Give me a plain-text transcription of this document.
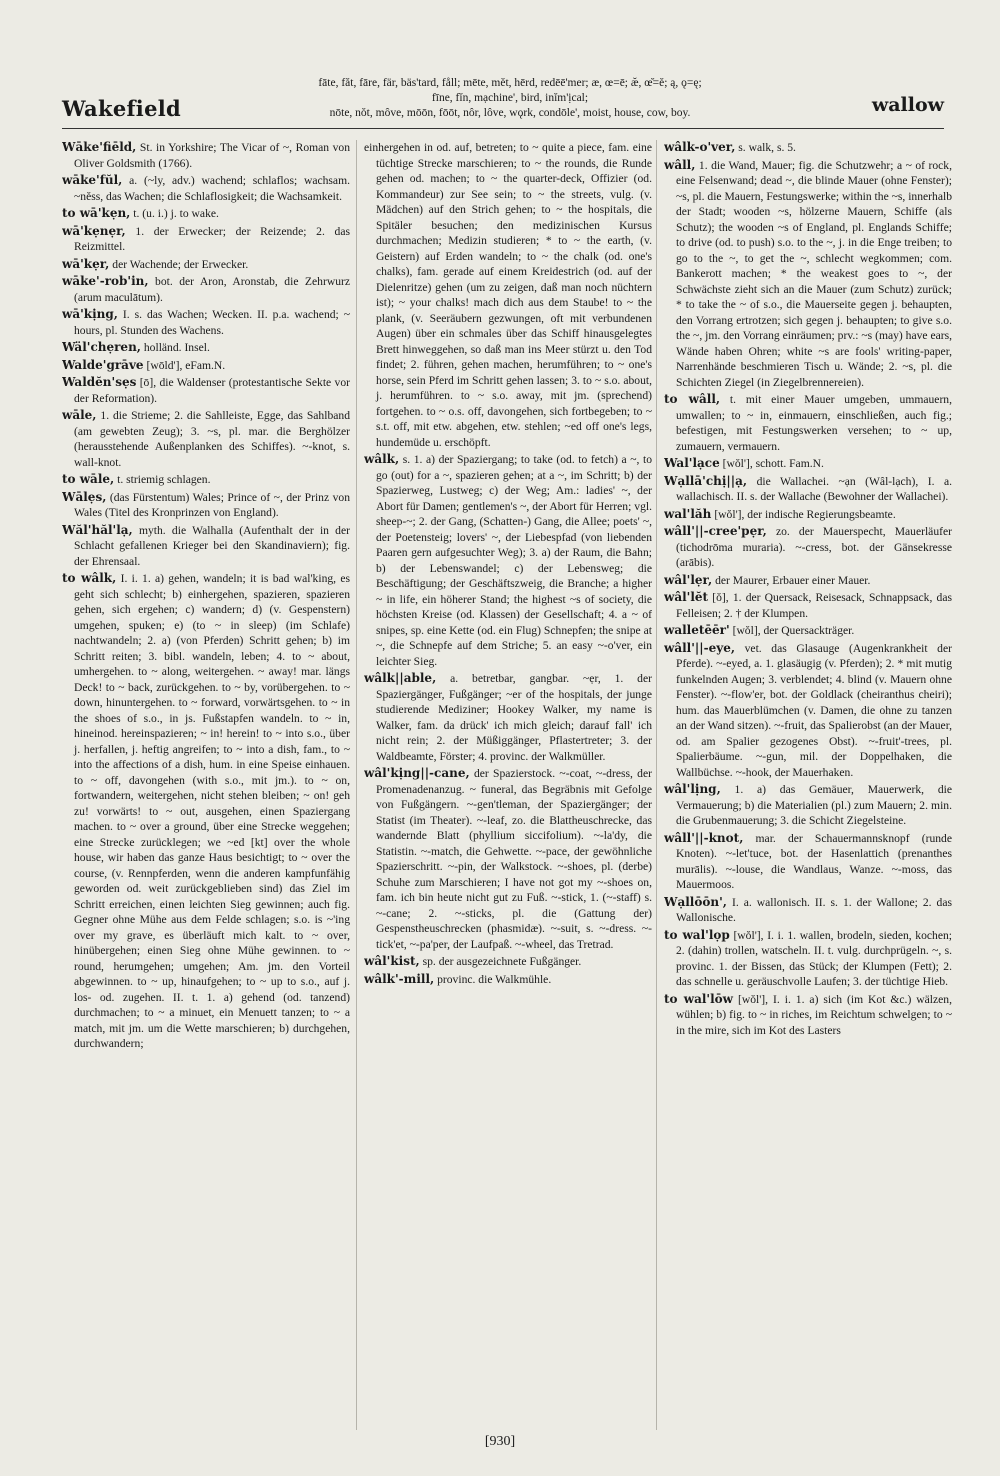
Wakefield
fāte, făt, fāre, fär, bäs'tard, fåll; mēte, mĕt, hērd, redēē'mer; æ, œ=ē; æ̆, œ̆=ĕ; ą, ǫ=ę;
fīne, fĭn, mạchine', bird, inĭm'ịcal;
nōte, nŏt, môve, mōōn, fōōt, nôr, lôve, wǫrk, condōle', moist, house, cow, boy.	wallow
Wāke'fiēld, St. in Yorkshire; The Vicar of ~, Roman von Oliver Goldsmith (1766).
wāke'fŭl, a. (~ly, adv.) wachend; schlaflos; wachsam. ~nĕss, das Wachen; die Schlaflosigkeit; die Wachsamkeit.
to wā'kẹn, t. (u. i.) j. to wake.
wā'kẹnẹr, 1. der Erwecker; der Reizende; 2. das Reizmittel.
wā'kẹr, der Wachende; der Erwecker.
wāke'-rob'in, bot. der Aron, Aronstab, die Zehrwurz (arum maculātum).
wā'kịng, I. s. das Wachen; Wecken. II. p.a. wachend; ~ hours, pl. Stunden des Wachens.
Wäl'chẹren, holländ. Insel.
Walde'grāve [wōld'], eFam.N.
Waldĕn'sẹs [ō], die Waldenser (protestantische Sekte vor der Reformation).
wāle, 1. die Strieme; 2. die Sahlleiste, Egge, das Sahlband (am gewebten Zeug); 3. ~s, pl. mar. die Berghölzer (herausstehende Außenplanken des Schiffes). ~-knot, s. wall-knot.
to wāle, t. striemig schlagen.
Wālẹs, (das Fürstentum) Wales; Prince of ~, der Prinz von Wales (Titel des Kronprinzen von England).
Wăl'hăl'lạ, myth. die Walhalla (Aufenthalt der in der Schlacht gefallenen Krieger bei den Skandinaviern); fig. der Ehrensaal.
to wâlk, I. i. 1. a) gehen, wandeln; it is bad wal'king, es geht sich schlecht; b) einhergehen, spazieren, spazieren gehen, sich ergehen; c) wandern; d) (v. Gespenstern) umgehen, spuken; e) (to ~ in sleep) (im Schlafe) nachtwandeln; 2. a) (von Pferden) Schritt gehen; b) im Schritt reiten; 3. bibl. wandeln, leben; 4. to ~ about, umhergehen. to ~ along, weitergehen. ~ away! mar. längs Deck! to ~ back, zurückgehen. to ~ by, vorübergehen. to ~ down, hinuntergehen. to ~ forward, vorwärtsgehen. to ~ in the shoes of s.o., in js. Fußstapfen wandeln. to ~ in, hineinod. hereinspazieren; ~ in! herein! to ~ into s.o., über j. herfallen, j. heftig angreifen; to ~ into a dish, fam., to ~ into the affections of a dish, hum. in eine Speise einhauen. to ~ off, davongehen (with s.o., mit jm.). to ~ on, fortwandern, weitergehen, nicht stehen bleiben; ~ on! geh zu! vorwärts! to ~ out, ausgehen, einen Spaziergang machen. to ~ over a ground, über eine Strecke weggehen; eine Strecke zurücklegen; we ~ed [kt] over the whole house, wir haben das ganze Haus besichtigt; to ~ over the course, (v. Rennpferden, wenn die anderen kampfunfähig geworden od. weit zurückgeblieben sind) das Ziel im Schritt erreichen, einen leichten Sieg gewinnen; auch fig. Gegner ohne Mühe aus dem Felde schlagen; s.o. is ~'ing over my grave, es überläuft mich kalt. to ~ over, hinübergehen; einen Sieg ohne Mühe gewinnen. to ~ round, herumgehen; umgehen; Am. jm. den Vorteil abgewinnen. to ~ up, hinaufgehen; to ~ up to s.o., auf j. los- od. zugehen. II. t. 1. a) gehend (od. tanzend) durchmachen; to ~ a minuet, ein Menuett tanzen; to ~ a match, mit jm. um die Wette marschieren; b) durchgehen, durchwandern;
einhergehen in od. auf, betreten; to ~ quite a piece, fam. eine tüchtige Strecke marschieren; to ~ the rounds, die Runde gehen od. machen; to ~ the quarter-deck, Offizier (od. Kommandeur) zur See sein; to ~ the streets, vulg. (v. Mädchen) auf den Strich gehen; to ~ the hospitals, die Spitäler besuchen; den medizinischen Kursus durchmachen; Medizin studieren; * to ~ the earth, (v. Geistern) auf Erden wandeln; to ~ the chalk (od. one's chalks), fam. gerade auf einem Kreidestrich (od. auf der Dielenritze) gehen (um zu zeigen, daß man noch nüchtern ist); ~ your chalks! mach dich aus dem Staube! to ~ the plank, (v. Seeräubern gezwungen, oft mit verbundenen Augen) über ein schmales über das Schiff hinausgelegtes Brett hinweggehen, so daß man ins Meer stürzt u. den Tod findet; 2. führen, gehen machen, herumführen; to ~ one's horse, sein Pferd im Schritt gehen lassen; 3. to ~ s.o. about, j. herumführen. to ~ s.o. away, mit jm. (sprechend) fortgehen. to ~ o.s. off, davongehen, sich fortbegeben; to ~ s.t. off, mit etw. abgehen, etw. stehlen; ~ed off one's legs, hundemüde u. erschöpft.
wâlk, s. 1. a) der Spaziergang; to take (od. to fetch) a ~, to go (out) for a ~, spazieren gehen; at a ~, im Schritt; b) der Spazierweg, Lustweg; c) der Weg; Am.: ladies' ~, der Abort für Damen; gentlemen's ~, der Abort für Herren; vgl. sheep-~; 2. der Gang, (Schatten-) Gang, die Allee; poets' ~, der Poetensteig; lovers' ~, der Liebespfad (von liebenden Paaren gern aufgesuchter Weg); 3. a) der Raum, die Bahn; b) der Lebenswandel; c) der Lebensweg; die Beschäftigung; der Geschäftszweig, die Branche; a higher ~ in life, ein höherer Stand; the highest ~s of society, die höchsten Kreise (od. Klassen) der Gesellschaft; 4. a ~ of snipes, sp. eine Kette (od. ein Flug) Schnepfen; the snipe at ~, die Schnepfe auf dem Striche; 5. an easy ~-o'ver, ein leichter Sieg.
wâlk||able, a. betretbar, gangbar. ~ẹr, 1. der Spaziergänger, Fußgänger; ~er of the hospitals, der junge studierende Mediziner; Hookey Walker, my name is Walker, fam. da drück' ich mich gleich; darauf fall' ich nicht rein; 2. der Müßiggänger, Pflastertreter; 3. der Waldbeamte, Förster; 4. provinc. der Walkmüller.
wâl'kịng||-cane, der Spazierstock. ~-coat, ~-dress, der Promenadenanzug. ~ funeral, das Begräbnis mit Gefolge von Fußgängern. ~-gen'tleman, der Spaziergänger; der Statist (im Theater). ~-leaf, zo. die Blattheuschrecke, das wandernde Blatt (phyllium siccifolium). ~-la'dy, die Statistin. ~-match, die Gehwette. ~-pace, der gewöhnliche Spazierschritt. ~-pin, der Walkstock. ~-shoes, pl. (derbe) Schuhe zum Marschieren; I have not got my ~-shoes on, fam. ich bin heute nicht gut zu Fuß. ~-stick, 1. (~-staff) s. ~-cane; 2. ~-sticks, pl. die (Gattung der) Gespenstheuschrecken (phasmidæ). ~-suit, s. ~-dress. ~-tick'et, ~-pa'per, der Laufpaß. ~-wheel, das Tretrad.
wâl'kist, sp. der ausgezeichnete Fußgänger.
wâlk'-mill, provinc. die Walkmühle.
wâlk-o'ver, s. walk, s. 5.
wâll, 1. die Wand, Mauer; fig. die Schutzwehr; a ~ of rock, eine Felsenwand; dead ~, die blinde Mauer (ohne Fenster); ~s, pl. die Mauern, Festungswerke; within the ~s, innerhalb der Stadt; wooden ~s, hölzerne Mauern, Schiffe (als Schutz); the wooden ~s of England, pl. Englands Schiffe; to drive (od. to push) s.o. to the ~, j. in die Enge treiben; to go to the ~, to get the ~, schlecht wegkommen; com. Bankerott machen; * the weakest goes to ~, der Schwächste zieht sich an die Mauer (zum Schutz) zurück; * to take the ~ of s.o., die Mauerseite gegen j. behaupten, den Vorrang ertrotzen; sich gegen j. behaupten; to give s.o. the ~, jm. den Vorrang einräumen; prv.: ~s (may) have ears, Wände haben Ohren; white ~s are fools' writing-paper, Narrenhände beschmieren Tisch u. Wände; 2. ~s, pl. die Schichten Ziegel (in Ziegelbrennereien).
to wâll, t. mit einer Mauer umgeben, ummauern, umwallen; to ~ in, einmauern, einschließen, auch fig.; befestigen, mit Festungswerken versehen; to ~ up, zumauern, vermauern.
Wal'lạce [wŏl'], schott. Fam.N.
Wạllā'chị||ạ, die Wallachei. ~ạn (Wâl-lạch), I. a. wallachisch. II. s. der Wallache (Bewohner der Wallachei).
wal'lăh [wŏl'], der indische Regierungsbeamte.
wâll'||-cree'pẹr, zo. der Mauerspecht, Mauerläufer (tichodrōma muraria). ~-cress, bot. der Gänsekresse (arābis).
wâl'lẹr, der Maurer, Erbauer einer Mauer.
wâl'lĕt [ŏ], 1. der Quersack, Reisesack, Schnappsack, das Felleisen; 2. † der Klumpen.
walletēēr' [wŏl], der Quersackträger.
wâll'||-eye, vet. das Glasauge (Augenkrankheit der Pferde). ~-eyed, a. 1. glasäugig (v. Pferden); 2. * mit mutig funkelnden Augen; 3. verblendet; 4. blind (v. Mauern ohne Fenster). ~-flow'er, bot. der Goldlack (cheiranthus cheiri); hum. das Mauerblümchen (v. Damen, die ohne zu tanzen an der Wand sitzen). ~-fruit, das Spalierobst (an der Mauer, od. am Spalier gezogenes Obst). ~-fruit'-trees, pl. Spalierbäume. ~-gun, mil. der Doppelhaken, die Wallbüchse. ~-hook, der Mauerhaken.
wâl'lịng, 1. a) das Gemäuer, Mauerwerk, die Vermauerung; b) die Materialien (pl.) zum Mauern; 2. min. die Grubenmauerung; 3. die Schicht Ziegelsteine.
wâll'||-knot, mar. der Schauermannsknopf (runde Knoten). ~-let'tuce, bot. der Hasenlattich (prenanthes murālis). ~-louse, die Wandlaus, Wanze. ~-moss, das Mauermoos.
Wạllōōn', I. a. wallonisch. II. s. 1. der Wallone; 2. das Wallonische.
to wal'lọp [wŏl'], I. i. 1. wallen, brodeln, sieden, kochen; 2. (dahin) trollen, watscheln. II. t. vulg. durchprügeln. ~, s. provinc. 1. der Bissen, das Stück; der Klumpen (Fett); 2. das schnelle u. geräuschvolle Laufen; 3. der tüchtige Hieb.
to wal'lōw [wŏl'], I. i. 1. a) sich (im Kot &c.) wälzen, wühlen; b) fig. to ~ in riches, im Reichtum schwelgen; to ~ in the mire, sich im Kot des Lasters
[930]
